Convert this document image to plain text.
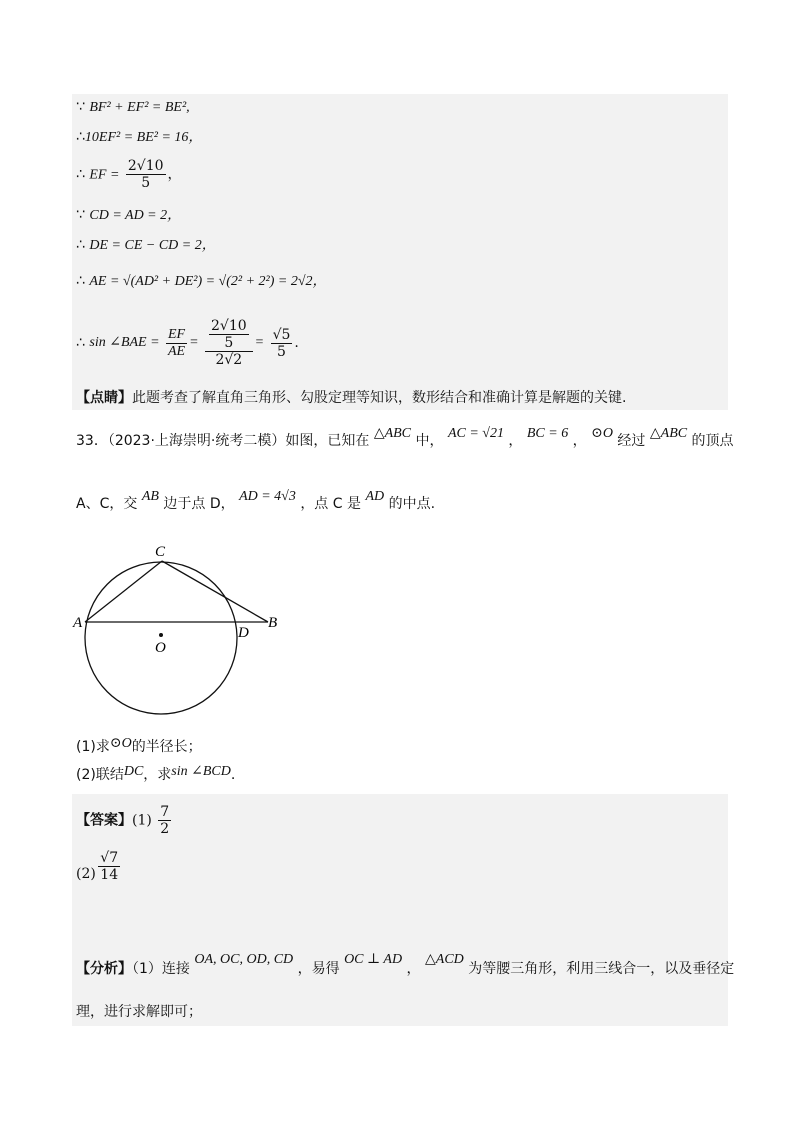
∵ BF² + EF² = BE²,
∴10EF² = BE² = 16，
∴ EF = $\frac{2√10}{5}$ ，
∵ CD = AD = 2，
∴ DE = CE − CD = 2，
∴ AE = √(AD² + DE²) = √(2² + 2²) = 2√2，
∴ sin ∠BAE = $\frac{EF}{AE} = \frac{\frac{2√10}{5}}{2√2} = \frac{√5}{5}$ .
【点睛】此题考查了解直角三角形、勾股定理等知识，数形结合和准确计算是解题的关键.
33．（2023·上海崇明·统考二模）如图，已知在 △ABC 中， AC = √21 ， BC = 6 ， ⊙O 经过 △ABC 的顶点
A、C，交 AB 边于点 D， AD = 4√3 ，点 C 是 AD 的中点.
C
A
D
B
O
(1)求⊙O的半径长；
(2)联结DC，求sin ∠BCD.
【答案】$(1) \frac{7}{2}$
$(2) \frac{√7}{14}$
【分析】（1）连接 OA, OC, OD, CD ，易得 OC ⊥ AD ， △ACD 为等腰三角形，利用三线合一，以及垂径定
理，进行求解即可；
